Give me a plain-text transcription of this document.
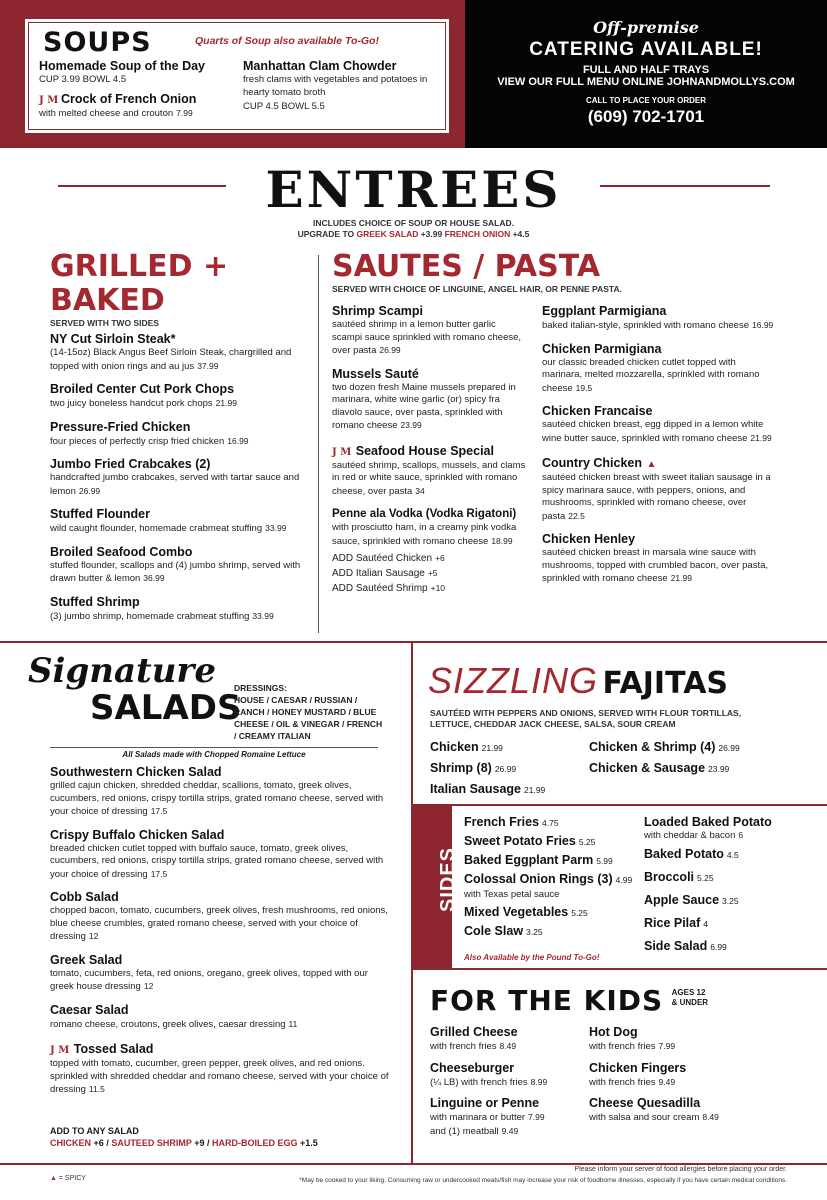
SOUPS	Quarts of Soup also available To-Go!
Homemade Soup of the Day
CUP 3.99 BOWL 4.5
J M Crock of French Onion
with melted cheese and crouton 7.99
Manhattan Clam Chowder
fresh clams with vegetables and potatoes in hearty tomato broth
CUP 4.5 BOWL 5.5
Off-premise
CATERING AVAILABLE!
FULL AND HALF TRAYS
VIEW OUR FULL MENU ONLINE JOHNANDMOLLYS.COM
CALL TO PLACE YOUR ORDER
(609) 702-1701
ENTREES
INCLUDES CHOICE OF SOUP OR HOUSE SALAD.
UPGRADE TO GREEK SALAD +3.99 FRENCH ONION +4.5
GRILLED + BAKED
SERVED WITH TWO SIDES
NY Cut Sirloin Steak*
(14-15oz) Black Angus Beef Sirloin Steak, chargrilled and topped with onion rings and au jus 37.99
Broiled Center Cut Pork Chops
two juicy boneless handcut pork chops 21.99
Pressure-Fried Chicken
four pieces of perfectly crisp fried chicken 16.99
Jumbo Fried Crabcakes (2)
handcrafted jumbo crabcakes, served with tartar sauce and lemon 26.99
Stuffed Flounder
wild caught flounder, homemade crabmeat stuffing 33.99
Broiled Seafood Combo
stuffed flounder, scallops and (4) jumbo shrimp, served with drawn butter & lemon 36.99
Stuffed Shrimp
(3) jumbo shrimp, homemade crabmeat stuffing 33.99
SAUTES / PASTA
SERVED WITH CHOICE OF LINGUINE, ANGEL HAIR, OR PENNE PASTA.
Shrimp Scampi
sautéed shrimp in a lemon butter garlic scampi sauce sprinkled with romano cheese, over pasta 26.99
Mussels Sauté
two dozen fresh Maine mussels prepared in marinara, white wine garlic (or) spicy fra diavolo sauce, over pasta, sprinkled with romano cheese 23.99
J M Seafood House Special
sautéed shrimp, scallops, mussels, and clams in red or white sauce, sprinkled with romano cheese, over pasta 34
Penne ala Vodka (Vodka Rigatoni)
with prosciutto ham, in a creamy pink vodka sauce, sprinkled with romano cheese 18.99
ADD Sautéed Chicken +6
ADD Italian Sausage +5
ADD Sautéed Shrimp +10
Eggplant Parmigiana
baked italian-style, sprinkled with romano cheese 16.99
Chicken Parmigiana
our classic breaded chicken cutlet topped with marinara, melted mozzarella, sprinkled with romano cheese 19.5
Chicken Francaise
sautéed chicken breast, egg dipped in a lemon white wine butter sauce, sprinkled with romano cheese 21.99
Country Chicken ▲
sautéed chicken breast with sweet italian sausage in a spicy marinara sauce, with peppers, onions, and mushrooms, sprinkled with romano cheese, over pasta 22.5
Chicken Henley
sautéed chicken breast in marsala wine sauce with mushrooms, topped with crumbled bacon, over pasta, sprinkled with romano cheese 21.99
Signature
SALADS
DRESSINGS:
HOUSE / CAESAR / RUSSIAN / RANCH / HONEY MUSTARD / BLUE CHEESE / OIL & VINEGAR / FRENCH / CREAMY ITALIAN
All Salads made with Chopped Romaine Lettuce
Southwestern Chicken Salad
grilled cajun chicken, shredded cheddar, scallions, tomato, greek olives, cucumbers, red onions, crispy tortilla strips, grated romano cheese, served with your choice of dressing 17.5
Crispy Buffalo Chicken Salad
breaded chicken cutlet topped with buffalo sauce, tomato, greek olives, cucumbers, red onions, crispy tortilla strips, grated romano cheese, served with your choice of dressing 17.5
Cobb Salad
chopped bacon, tomato, cucumbers, greek olives, fresh mushrooms, red onions, blue cheese crumbles, grated romano cheese, served with your choice of dressing 12
Greek Salad
tomato, cucumbers, feta, red onions, oregano, greek olives, topped with our greek house dressing 12
Caesar Salad
romano cheese, croutons, greek olives, caesar dressing 11
J M Tossed Salad
topped with tomato, cucumber, green pepper, greek olives, and red onions. sprinkled with shredded cheddar and romano cheese, served with your choice of dressing 11.5
ADD TO ANY SALAD
CHICKEN +6 / SAUTEED SHRIMP +9 / HARD-BOILED EGG +1.5
SIZZLING FAJITAS
SAUTÉED WITH PEPPERS AND ONIONS, SERVED WITH FLOUR TORTILLAS, LETTUCE, CHEDDAR JACK CHEESE, SALSA, SOUR CREAM
Chicken 21.99
Shrimp (8) 26.99
Italian Sausage 21.99
Chicken & Shrimp (4) 26.99
Chicken & Sausage 23.99
SIDES
French Fries 4.75
Sweet Potato Fries 5.25
Baked Eggplant Parm 5.99
Colossal Onion Rings (3) 4.99
with Texas petal sauce
Mixed Vegetables 5.25
Cole Slaw 3.25
Loaded Baked Potato
with cheddar & bacon 6
Baked Potato 4.5
Broccoli 5.25
Apple Sauce 3.25
Rice Pilaf 4
Side Salad 6.99
Also Available by the Pound To-Go!
FOR THE KIDS AGES 12
& UNDER
Grilled Cheese
with french fries 8.49
Cheeseburger
(¼ LB) with french fries 8.99
Linguine or Penne
with marinara or butter 7.99
and (1) meatball 9.49
Hot Dog
with french fries 7.99
Chicken Fingers
with french fries 9.49
Cheese Quesadilla
with salsa and sour cream 8.49
▲ = SPICY
Please inform your server of food allergies before placing your order.
*May be cooked to your liking. Consuming raw or undercooked meats/fish may increase your risk of foodborne illnesses, especially if you have certain medical conditions.
